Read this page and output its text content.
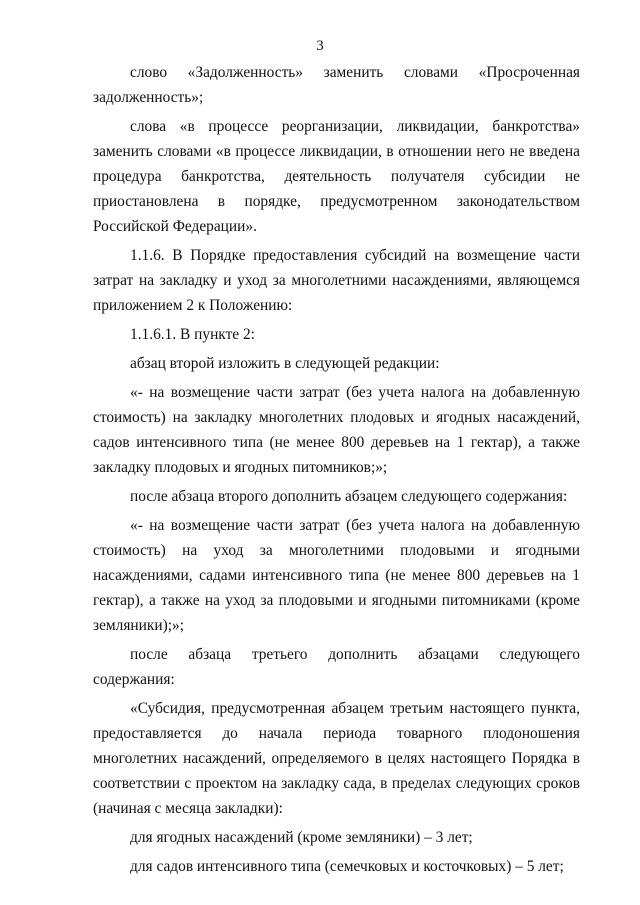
3

слово «Задолженность» заменить словами «Просроченная задолженность»;

слова «в процессе реорганизации, ликвидации, банкротства» заменить словами «в процессе ликвидации, в отношении него не введена процедура банкротства, деятельность получателя субсидии не приостановлена в порядке, предусмотренном законодательством Российской Федерации».

1.1.6. В Порядке предоставления субсидий на возмещение части затрат на закладку и уход за многолетними насаждениями, являющемся приложением 2 к Положению:

1.1.6.1. В пункте 2:

абзац второй изложить в следующей редакции:

«- на возмещение части затрат (без учета налога на добавленную стоимость) на закладку многолетних плодовых и ягодных насаждений, садов интенсивного типа (не менее 800 деревьев на 1 гектар), а также закладку плодовых и ягодных питомников;»;

после абзаца второго дополнить абзацем следующего содержания:

«- на возмещение части затрат (без учета налога на добавленную стоимость) на уход за многолетними плодовыми и ягодными насаждениями, садами интенсивного типа (не менее 800 деревьев на 1 гектар), а также на уход за плодовыми и ягодными питомниками (кроме земляники);»;

после абзаца третьего дополнить абзацами следующего содержания:

«Субсидия, предусмотренная абзацем третьим настоящего пункта, предоставляется до начала периода товарного плодоношения многолетних насаждений, определяемого в целях настоящего Порядка в соответствии с проектом на закладку сада, в пределах следующих сроков (начиная с месяца закладки):

для ягодных насаждений (кроме земляники) – 3 лет;

для садов интенсивного типа (семечковых и косточковых) – 5 лет;
